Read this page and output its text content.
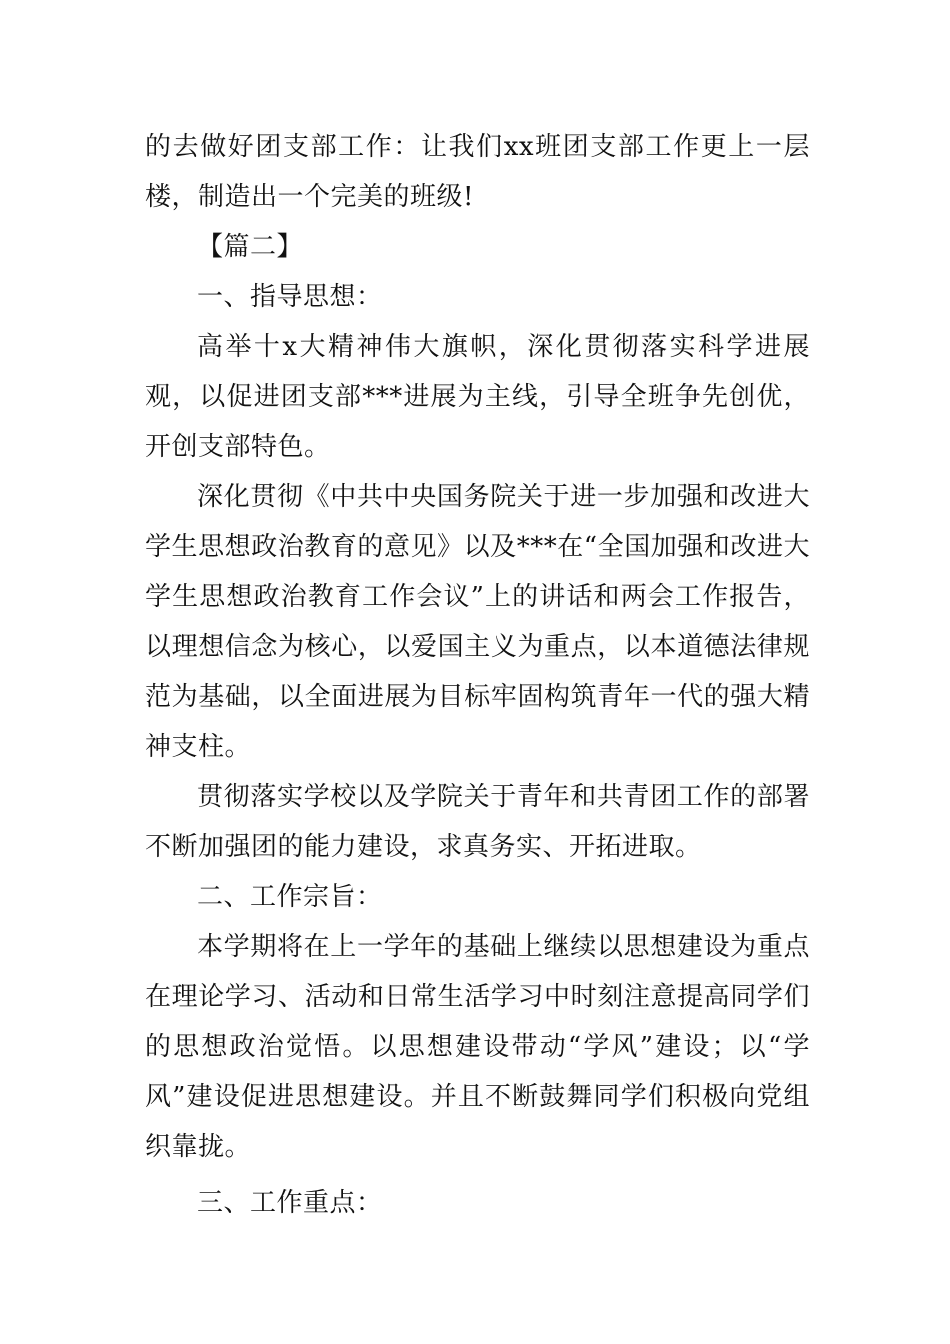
的去做好团支部工作：让我们xx班团支部工作更上一层楼，制造出一个完美的班级!

【篇二】

一、指导思想：

高举十x大精神伟大旗帜，深化贯彻落实科学进展观，以促进团支部***进展为主线，引导全班争先创优，开创支部特色。

深化贯彻《中共中央国务院关于进一步加强和改进大学生思想政治教育的意见》以及***在“全国加强和改进大学生思想政治教育工作会议”上的讲话和两会工作报告，以理想信念为核心，以爱国主义为重点，以本道德法律规范为基础，以全面进展为目标牢固构筑青年一代的强大精神支柱。

贯彻落实学校以及学院关于青年和共青团工作的部署不断加强团的能力建设，求真务实、开拓进取。

二、工作宗旨：

本学期将在上一学年的基础上继续以思想建设为重点在理论学习、活动和日常生活学习中时刻注意提高同学们的思想政治觉悟。以思想建设带动“学风”建设；以“学风”建设促进思想建设。并且不断鼓舞同学们积极向党组织靠拢。

三、工作重点：
